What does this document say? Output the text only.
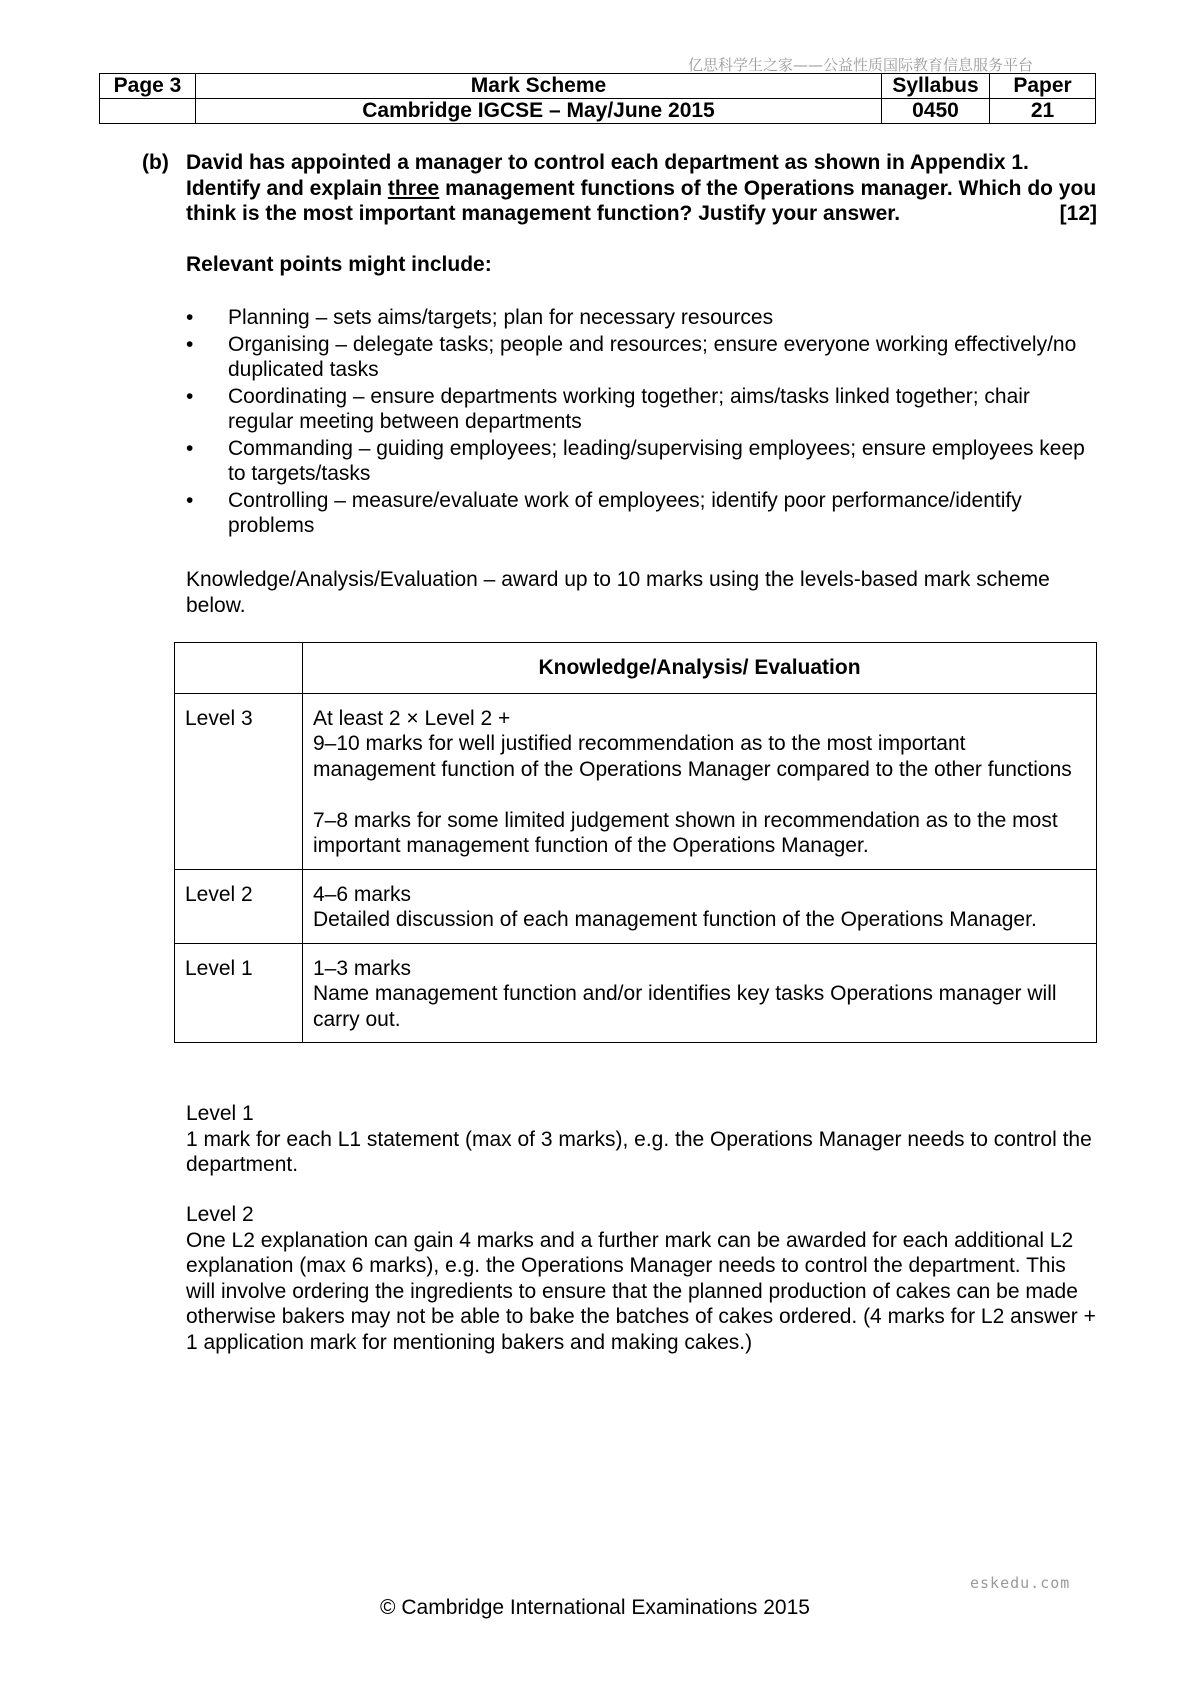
亿思科学生之家——公益性质国际教育信息服务平台
Page 3	Mark Scheme	Syllabus	Paper
	Cambridge IGCSE – May/June 2015	0450	21
(b) David has appointed a manager to control each department as shown in Appendix 1. Identify and explain three management functions of the Operations manager. Which do you think is the most important management function? Justify your answer.	[12]
Relevant points might include:
• Planning – sets aims/targets; plan for necessary resources
• Organising – delegate tasks; people and resources; ensure everyone working effectively/no duplicated tasks
• Coordinating – ensure departments working together; aims/tasks linked together; chair regular meeting between departments
• Commanding – guiding employees; leading/supervising employees; ensure employees keep to targets/tasks
• Controlling – measure/evaluate work of employees; identify poor performance/identify problems
Knowledge/Analysis/Evaluation – award up to 10 marks using the levels-based mark scheme below.
	Knowledge/Analysis/ Evaluation
Level 3	At least 2 × Level 2 +
9–10 marks for well justified recommendation as to the most important management function of the Operations Manager compared to the other functions
7–8 marks for some limited judgement shown in recommendation as to the most important management function of the Operations Manager.

Level 2	4–6 marks
Detailed discussion of each management function of the Operations Manager.

Level 1	1–3 marks
Name management function and/or identifies key tasks Operations manager will carry out.
Level 1
1 mark for each L1 statement (max of 3 marks), e.g. the Operations Manager needs to control the department.
Level 2
One L2 explanation can gain 4 marks and a further mark can be awarded for each additional L2 explanation (max 6 marks), e.g. the Operations Manager needs to control the department. This will involve ordering the ingredients to ensure that the planned production of cakes can be made otherwise bakers may not be able to bake the batches of cakes ordered. (4 marks for L2 answer + 1 application mark for mentioning bakers and making cakes.)
eskedu.com
© Cambridge International Examinations 2015
